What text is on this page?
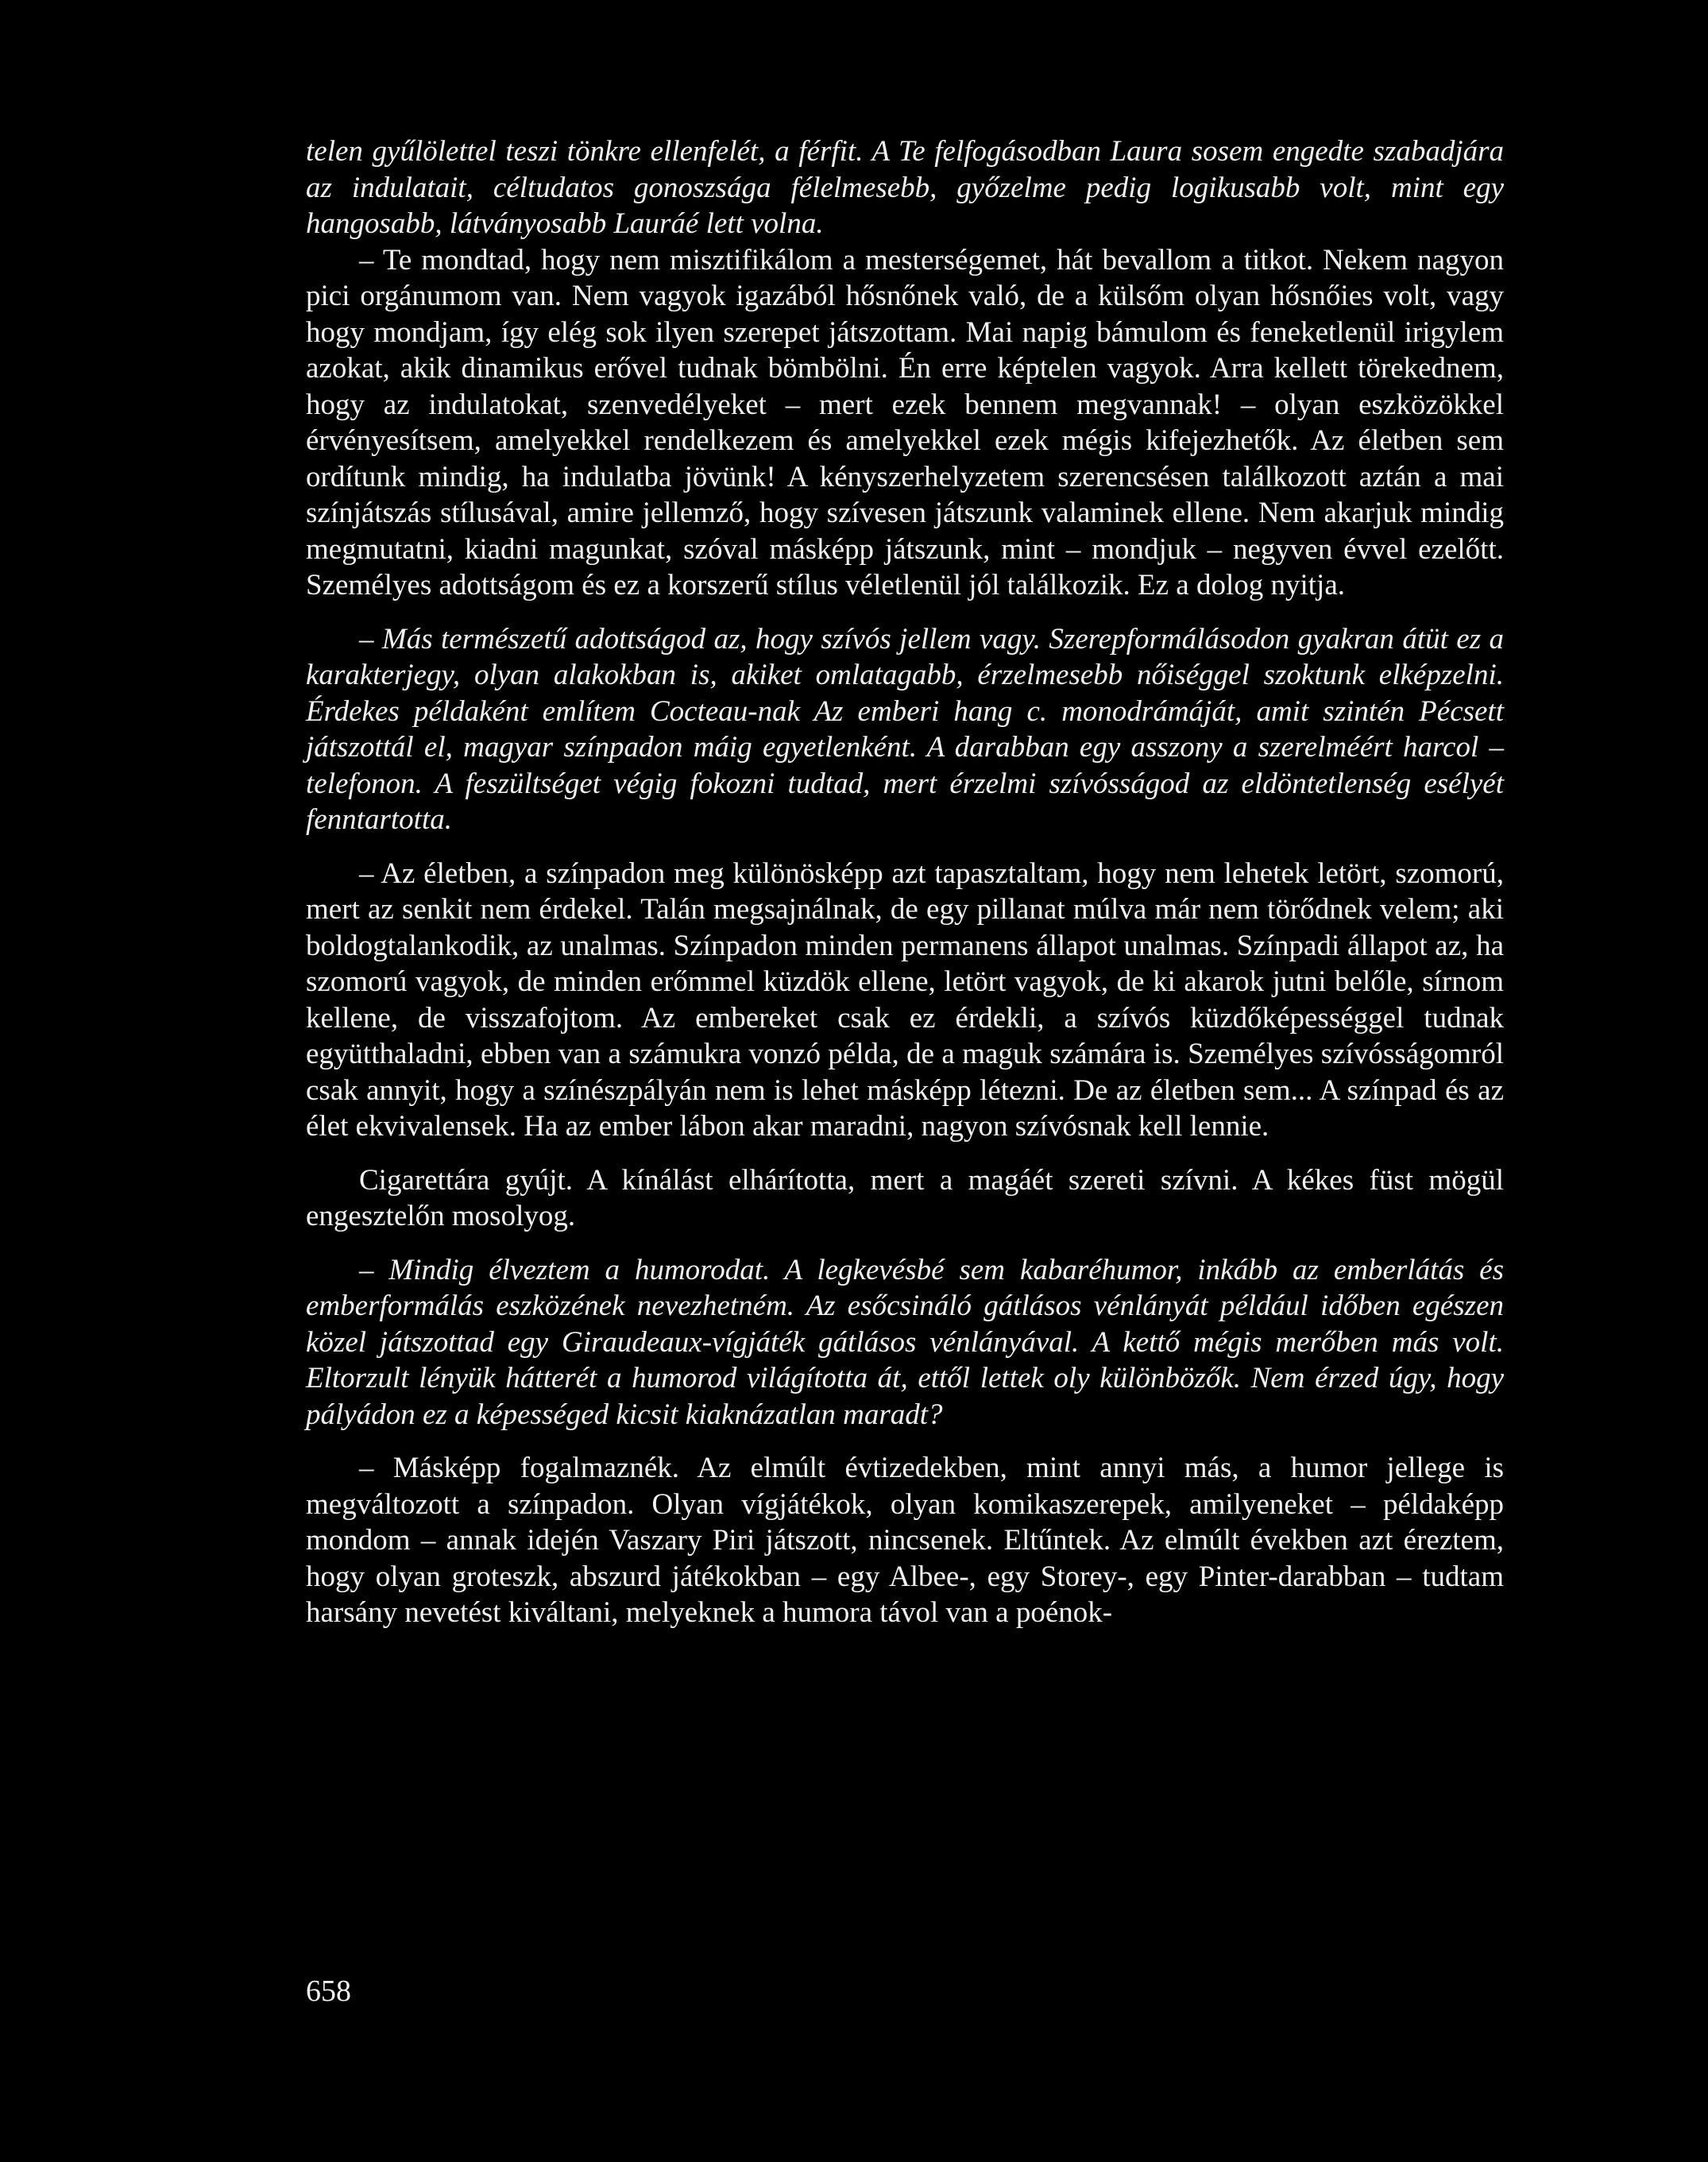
telen gyűlölettel teszi tönkre ellenfelét, a férfit. A Te felfogásodban Laura sosem engedte szabadjára az indulatait, céltudatos gonoszsága félelmesebb, győzelme pedig logikusabb volt, mint egy hangosabb, látványosabb Lauráé lett volna.

– Te mondtad, hogy nem misztifikálom a mesterségemet, hát bevallom a titkot. Nekem nagyon pici orgánumom van. Nem vagyok igazából hősnőnek való, de a külsőm olyan hősnőies volt, vagy hogy mondjam, így elég sok ilyen szerepet játszottam. Mai napig bámulom és feneketlenül irigylem azokat, akik dinamikus erővel tudnak bömbölni. Én erre képtelen vagyok. Arra kellett törekednem, hogy az indulatokat, szenvedélyeket – mert ezek bennem megvannak! – olyan eszközökkel érvényesítsem, amelyekkel rendelkezem és amelyekkel ezek mégis kifejezhetők. Az életben sem ordítunk mindig, ha indulatba jövünk! A kényszerhelyzetem szerencsésen találkozott aztán a mai színjátszás stílusával, amire jellemző, hogy szívesen játszunk valaminek ellene. Nem akarjuk mindig megmutatni, kiadni magunkat, szóval másképp játszunk, mint – mondjuk – negyven évvel ezelőtt. Személyes adottságom és ez a korszerű stílus véletlenül jól találkozik. Ez a dolog nyitja.

– Más természetű adottságod az, hogy szívós jellem vagy. Szerepformálásodon gyakran átüt ez a karakterjegy, olyan alakokban is, akiket omlatagabb, érzelmesebb nőiséggel szoktunk elképzelni. Érdekes példaként említem Cocteau-nak Az emberi hang c. monodrámáját, amit szintén Pécsett játszottál el, magyar színpadon máig egyetlenként. A darabban egy asszony a szerelméért harcol – telefonon. A feszültséget végig fokozni tudtad, mert érzelmi szívósságod az eldöntetlenség esélyét fenntartotta.

– Az életben, a színpadon meg különösképp azt tapasztaltam, hogy nem lehetek letört, szomorú, mert az senkit nem érdekel. Talán megsajnálnak, de egy pillanat múlva már nem törődnek velem; aki boldogtalankodik, az unalmas. Színpadon minden permanens állapot unalmas. Színpadi állapot az, ha szomorú vagyok, de minden erőmmel küzdök ellene, letört vagyok, de ki akarok jutni belőle, sírnom kellene, de visszafojtom. Az embereket csak ez érdekli, a szívós küzdőképességgel tudnak együtthaladni, ebben van a számukra vonzó példa, de a maguk számára is. Személyes szívósságomról csak annyit, hogy a színészpályán nem is lehet másképp létezni. De az életben sem... A színpad és az élet ekvivalensek. Ha az ember lábon akar maradni, nagyon szívósnak kell lennie.

Cigarettára gyújt. A kínálást elhárította, mert a magáét szereti szívni. A kékes füst mögül engesztelőn mosolyog.

– Mindig élveztem a humorodat. A legkevésbé sem kabaréhumor, inkább az emberlátás és emberformálás eszközének nevezhetném. Az esőcsináló gátlásos vénlányát például időben egészen közel játszottad egy Giraudeaux-vígjáték gátlásos vénlányával. A kettő mégis merőben más volt. Eltorzult lényük hátterét a humorod világította át, ettől lettek oly különbözők. Nem érzed úgy, hogy pályádon ez a képességed kicsit kiaknázatlan maradt?

– Másképp fogalmaznék. Az elmúlt évtizedekben, mint annyi más, a humor jellege is megváltozott a színpadon. Olyan vígjátékok, olyan komikaszerepek, amilyeneket – példaképp mondom – annak idején Vaszary Piri játszott, nincsenek. Eltűntek. Az elmúlt években azt éreztem, hogy olyan groteszk, abszurd játékokban – egy Albee-, egy Storey-, egy Pinter-darabban – tudtam harsány nevetést kiváltani, melyeknek a humora távol van a poénok-

658
